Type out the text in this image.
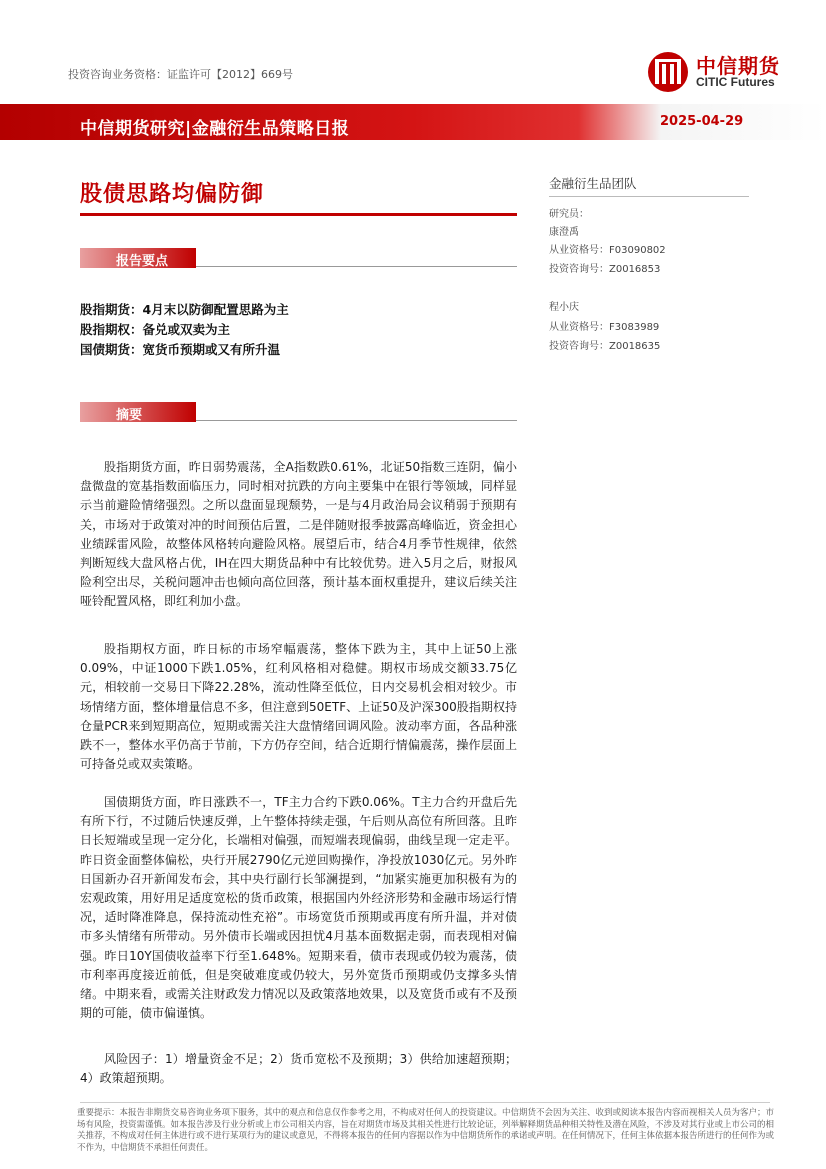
投资咨询业务资格：证监许可【2012】669号	中信期货
CITIC Futures
中信期货研究|金融衍生品策略日报	2025-04-29
股债思路均偏防御
报告要点
股指期货：4月末以防御配置思路为主
股指期权：备兑或双卖为主
国债期货：宽货币预期或又有所升温
摘要

股指期货方面，昨日弱势震荡，全A指数跌0.61%，北证50指数三连阴，偏小盘微盘的宽基指数面临压力，同时相对抗跌的方向主要集中在银行等领域，同样显示当前避险情绪强烈。之所以盘面显现颓势，一是与4月政治局会议稍弱于预期有关，市场对于政策对冲的时间预估后置，二是伴随财报季披露高峰临近，资金担心业绩踩雷风险，故整体风格转向避险风格。展望后市，结合4月季节性规律，依然判断短线大盘风格占优，IH在四大期货品种中有比较优势。进入5月之后，财报风险利空出尽，关税问题冲击也倾向高位回落，预计基本面权重提升，建议后续关注哑铃配置风格，即红利加小盘。

股指期权方面，昨日标的市场窄幅震荡，整体下跌为主，其中上证50上涨0.09%，中证1000下跌1.05%，红利风格相对稳健。期权市场成交额33.75亿元，相较前一交易日下降22.28%，流动性降至低位，日内交易机会相对较少。市场情绪方面，整体增量信息不多，但注意到50ETF、上证50及沪深300股指期权持仓量PCR来到短期高位，短期或需关注大盘情绪回调风险。波动率方面，各品种涨跌不一，整体水平仍高于节前，下方仍存空间，结合近期行情偏震荡，操作层面上可持备兑或双卖策略。

国债期货方面，昨日涨跌不一，TF主力合约下跌0.06%。T主力合约开盘后先有所下行，不过随后快速反弹，上午整体持续走强，午后则从高位有所回落。且昨日长短端或呈现一定分化，长端相对偏强，而短端表现偏弱，曲线呈现一定走平。昨日资金面整体偏松，央行开展2790亿元逆回购操作，净投放1030亿元。另外昨日国新办召开新闻发布会，其中央行副行长邹澜提到，“加紧实施更加积极有为的宏观政策，用好用足适度宽松的货币政策，根据国内外经济形势和金融市场运行情况，适时降准降息，保持流动性充裕”。市场宽货币预期或再度有所升温，并对债市多头情绪有所带动。另外债市长端或因担忧4月基本面数据走弱，而表现相对偏强。昨日10Y国债收益率下行至1.648%。短期来看，债市表现或仍较为震荡，债市利率再度接近前低，但是突破难度或仍较大，另外宽货币预期或仍支撑多头情绪。中期来看，或需关注财政发力情况以及政策落地效果，以及宽货币或有不及预期的可能，债市偏谨慎。

风险因子：1）增量资金不足；2）货币宽松不及预期；3）供给加速超预期；4）政策超预期。

金融衍生品团队
研究员：
康澄禹
从业资格号：F03090802
投资咨询号：Z0016853
程小庆
从业资格号：F3083989
投资咨询号：Z0018635
重要提示：本报告非期货交易咨询业务项下服务，其中的观点和信息仅作参考之用，不构成对任何人的投资建议。中信期货不会因为关注、收到或阅读本报告内容而视相关人员为客户；市场有风险，投资需谨慎。如本报告涉及行业分析或上市公司相关内容，旨在对期货市场及其相关性进行比较论证，列举解释期货品种相关特性及潜在风险，不涉及对其行业或上市公司的相关推荐，不构成对任何主体进行或不进行某项行为的建议或意见，不得将本报告的任何内容据以作为中信期货所作的承诺或声明。在任何情况下，任何主体依据本报告所进行的任何作为或不作为，中信期货不承担任何责任。
